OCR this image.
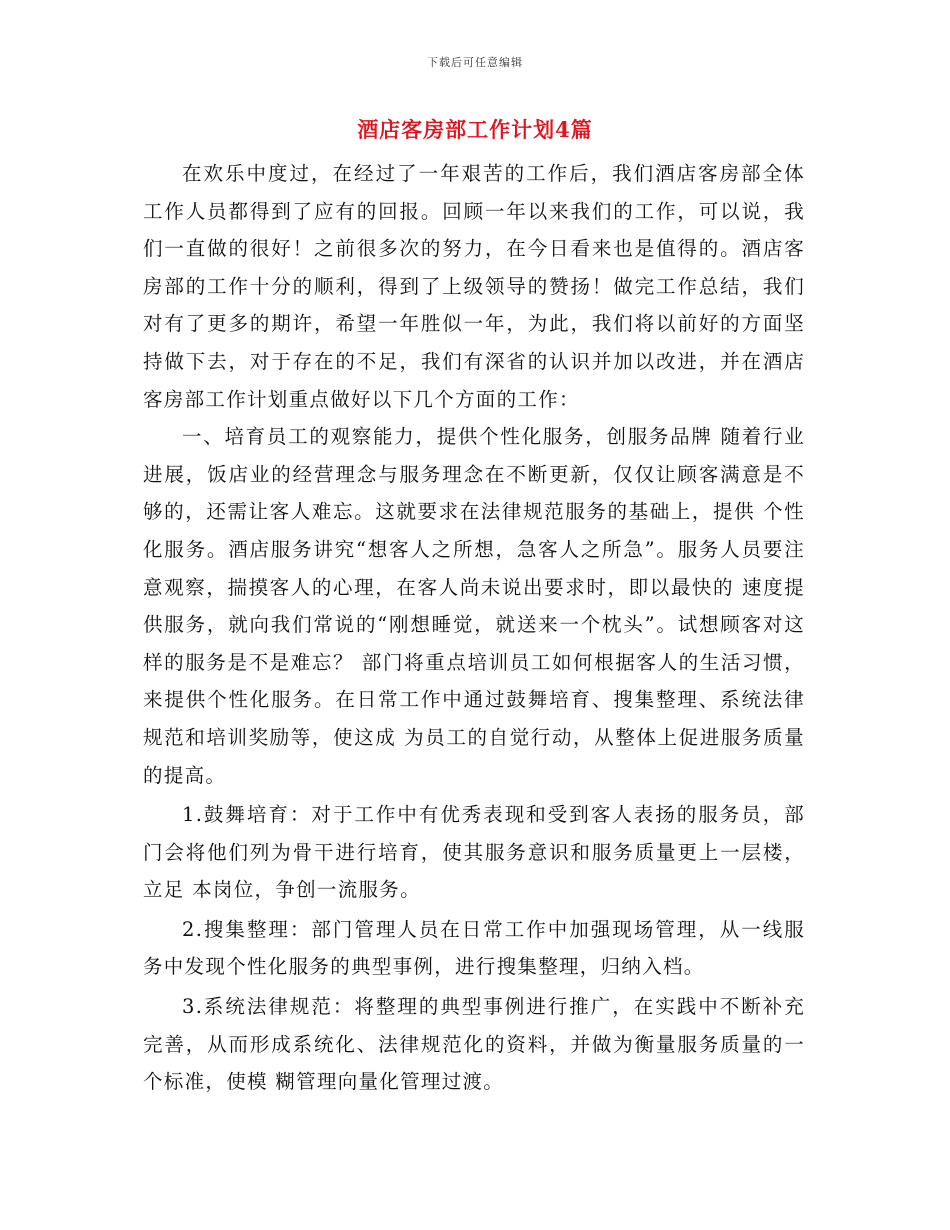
下载后可任意编辑
酒店客房部工作计划4篇

在欢乐中度过，在经过了一年艰苦的工作后，我们酒店客房部全体工作人员都得到了应有的回报。回顾一年以来我们的工作，可以说，我们一直做的很好！之前很多次的努力，在今日看来也是值得的。酒店客房部的工作十分的顺利，得到了上级领导的赞扬！做完工作总结，我们对有了更多的期许，希望一年胜似一年，为此，我们将以前好的方面坚持做下去，对于存在的不足，我们有深省的认识并加以改进，并在酒店客房部工作计划重点做好以下几个方面的工作：

一、培育员工的观察能力，提供个性化服务，创服务品牌 随着行业进展，饭店业的经营理念与服务理念在不断更新，仅仅让顾客满意是不够的，还需让客人难忘。这就要求在法律规范服务的基础上，提供 个性化服务。酒店服务讲究“想客人之所想，急客人之所急”。服务人员要注意观察，揣摸客人的心理，在客人尚未说出要求时，即以最快的 速度提供服务，就向我们常说的“刚想睡觉，就送来一个枕头”。试想顾客对这样的服务是不是难忘？ 部门将重点培训员工如何根据客人的生活习惯，来提供个性化服务。在日常工作中通过鼓舞培育、搜集整理、系统法律规范和培训奖励等，使这成 为员工的自觉行动，从整体上促进服务质量的提高。

1.鼓舞培育：对于工作中有优秀表现和受到客人表扬的服务员，部门会将他们列为骨干进行培育，使其服务意识和服务质量更上一层楼，立足 本岗位，争创一流服务。

2.搜集整理：部门管理人员在日常工作中加强现场管理，从一线服务中发现个性化服务的典型事例，进行搜集整理，归纳入档。

3.系统法律规范：将整理的典型事例进行推广，在实践中不断补充完善，从而形成系统化、法律规范化的资料，并做为衡量服务质量的一个标准，使模 糊管理向量化管理过渡。
